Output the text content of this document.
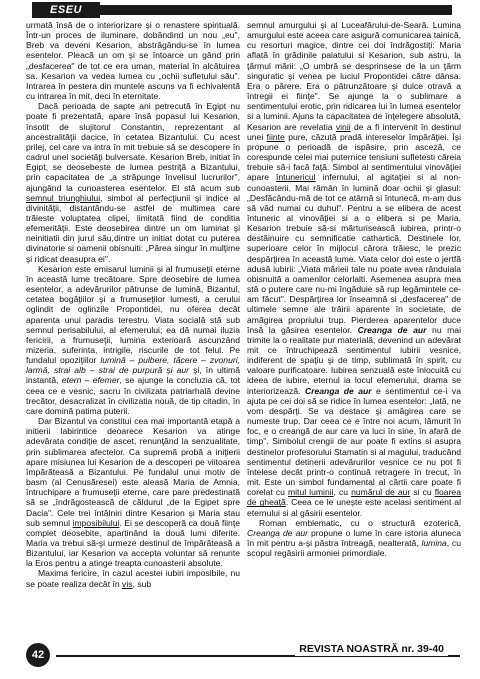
ESEU

urmată însă de o interiorizare şi o renastere spirituală. Într-un proces de iluminare, dobândind un nou „eu", Breb va deveni Kesarion, abstrăgându-se în lumea esentelor. Pleacă un om şi se întoarce un gând prin „desfacerea" de tot ce era uman, material în alcătuirea sa. Kesarion va vedea lumea cu „ochii sufletului său". Intrarea în pestera din muntele ascuns va fi echivalentă cu intrarea în mit, deci în eternitate.

Dacă perioada de sapte ani petrecută în Egipt nu poate fi prezentată, apare însă popasul lui Kesarion, însotit de slujitorul Constantin, reprezentant al ancestralităţii dacice, în cetatea Bizantului. Cu acest prilej, cel care va intra în mit trebuie să se descopere în cadrul unei societăţi bulversate. Kesarion Breb, initiat în Egipt, se deosebeste de lumea pestriţă a Bizantului, prin capacitatea de „a străpunge învelisul lucrurilor", ajungând la cunoasterea esentelor. El stă acum sub semnul triunghiului, simbol al perfecţiunii şi indice al divinităţii, distantându-se astfel de multimea care trăieste voluptatea clipei, limitată fiind de conditia efemerităţii. Este deosebirea dintre un om luminat şi neinitiatii din jurul său,dintre un initiat dotat cu puterea divinatorie si oamenii obisnuiti: „Părea singur în mulţime şi ridicat deasupra ei".

Kesarion este emisarul luminii şi al frumuseţii eterne în această lume trecătoare. Spre deosebire de lumea esentelor, a adevărurilor pătrunse de lumină, Bizantul, cetatea bogăţiilor şi a frumuseţilor lumesti, a cerului oglindit de oglinzile Propontidei, nu oferea decât aparenta unui paradis terestru. Viata socială stă sub semnul perisabilului, al efemerului; ea dă numai iluzia fericirii, a frumuseţii, lumina exterioară ascunzând mizeria, suferinta, intrigile, riscurile de tot felul. Pe fundalul opoziţiilor lumină – pulbere, tăcere – zvonuri, larmă, strai alb – strai de purpură şi aur şi, în ultimă instantă, etern – efemer, se ajunge la concluzia că, tot ceea ce e vesnic, sacru în civilizata patriarhală devine trecător, desacralizat în civilizatia nouă, de tip citadin, în care domină patima puterii.

Dar Bizantul va constitui cea mai importantă etapă a initierii labirintice deoarece Kesarion va atinge adevărata condiţie de ascet, renunţând la senzualitate, prin sublimarea afectelor. Ca supremă probă a iniţierii apare misiunea lui Kesarion de a descoperi pe viitoarea împărăteasă a Bizantului. Pe fundalul unui motiv de basm (al Cenusăresei) este aleasă Maria de Amnia, întruchipare a frumuseţii eterne, care pare predestinată să se „îndrăgostească de căldurul „de la Egipet spre Dacia". Cele trei întâlniri dintre Kesarion şi Maria stau sub semnul imposibilului. Ei se descoperă ca două fiinţe complet deosebite, apartinând la două lumi diferite. Maria va trebui să-şi urmeze destinul de împărăteasă a Bizantului, iar Kesarion va accepta voluntar să renunte la Eros pentru a atinge treapta cunoasterii absolute.

Maxima fericire, în cazul acestei iubiri imposibile, nu se poate realiza decât în vis, sub

semnul amurgului şi al Luceafărului-de-Seară. Lumina amurgului este aceea care asigură comunicarea tainică, cu resorturi magice, dintre cei doi îndrăgostiţi: Maria aflată în grădinile palatului si Kesarion, sub astru, la ţărmul mării: „O umbră se desprinsese de la un ţărm singuratic şi venea pe luciul Propontidei către dânsa. Era o părere. Era o pătrunzătoare şi dulce otravă a întregii ei fiinţe". Se ajunge la o sublimare a sentimentului erotic, prin ridicarea lui în lumea esentelor si a luminii. Ajuns la capacitatea de înţelegere absolută, Kesarion are revelatia vinii de a fi intervenit în destinul unei fiinte pure, căzută pradă intereselor împărăţiei. Îşi propune o perioadă de ispăsire, prin asceză, ce corespunde celei mai puternice tensiuni sufletesti căreia trebuie să-i facă faţă. Simbol al sentimentului vinovăţiei apare întunericul infernului, al agitaţiei si al non-cunoasterii. Mai rămân în lumină doar ochii şi glasul: „Desfăcându-mă de tot ce atârnă si întunecă, m-am dus să văd numai cu duhul". Pentru a se elibera de acest întuneric al vinovăţiei si a o elibera si pe Maria, Kesarion trebuie să-si mărturisească iubirea, printr-o destăinuire cu semnificatie cathartică. Destinele lor, superioare celor în mijlocul cărora trăiesc, le prezic despărţirea în această lume. Viata celor doi este o jertfă adusă iubirii: „Viata mărieii tale nu poate avea rânduiala obisnuită a oamenilor celorlalti. Asemenea asupra mea stă o putere care nu-mi îngăduie să rup legămintele ce-am făcut". Despărţirea lor înseamnă si „desfacerea" de ultimele semne ale trăirii aparente în societate, de amăgirea propriului trup. Pierderea aparentelor duce însă la găsirea esentelor. Creanga de aur nu mai trimite la o realitate pur materială, devenind un adevărat mit ce întruchipează sentimentul iubirii vesnice, indiferent de spaţiu şi de timp, sublimată în spirit, cu valoare purificatoare. Iubirea senzuală este înlocuită cu ideea de iubire, eternul ia locul efemerului, drama se interiorizează. Creanga de aur e sentimentul ce-i va ajuta pe cei doi să se ridice în lumea esentelor: „Iată, ne vom despărţi. Se va destace şi amăgirea care se numeste trup. Dar ceea ce e între noi acum, lămurit în foc, e o creangă de aur care va luci în sine, în afară de timp". Simbolul crengii de aur poate fi extins si asupra destinelor profesorului Stamatin si al magului, traducând sentimentul detinerii adevărurilor vesnice ce nu pot fi întelese decât printr-o continuă retragere în trecut, în mit. Este un simbol fundamental al cărtii care poate fi corelat cu mitul luminii, cu numărul de aur si cu floarea de gheaţă. Ceea ce le unește este acelasi sentiment al eternului si al găsirii esentelor.

Roman emblematic, cu o structură ezoterică, Creanga de aur propune o lume în care istoria aluneca în mit pentru a-şi păstra întreagă, nealterată, lumina, cu scopul regăsirii armoniei primordiale.

42	REVISTA NOASTRĂ nr. 39-40
